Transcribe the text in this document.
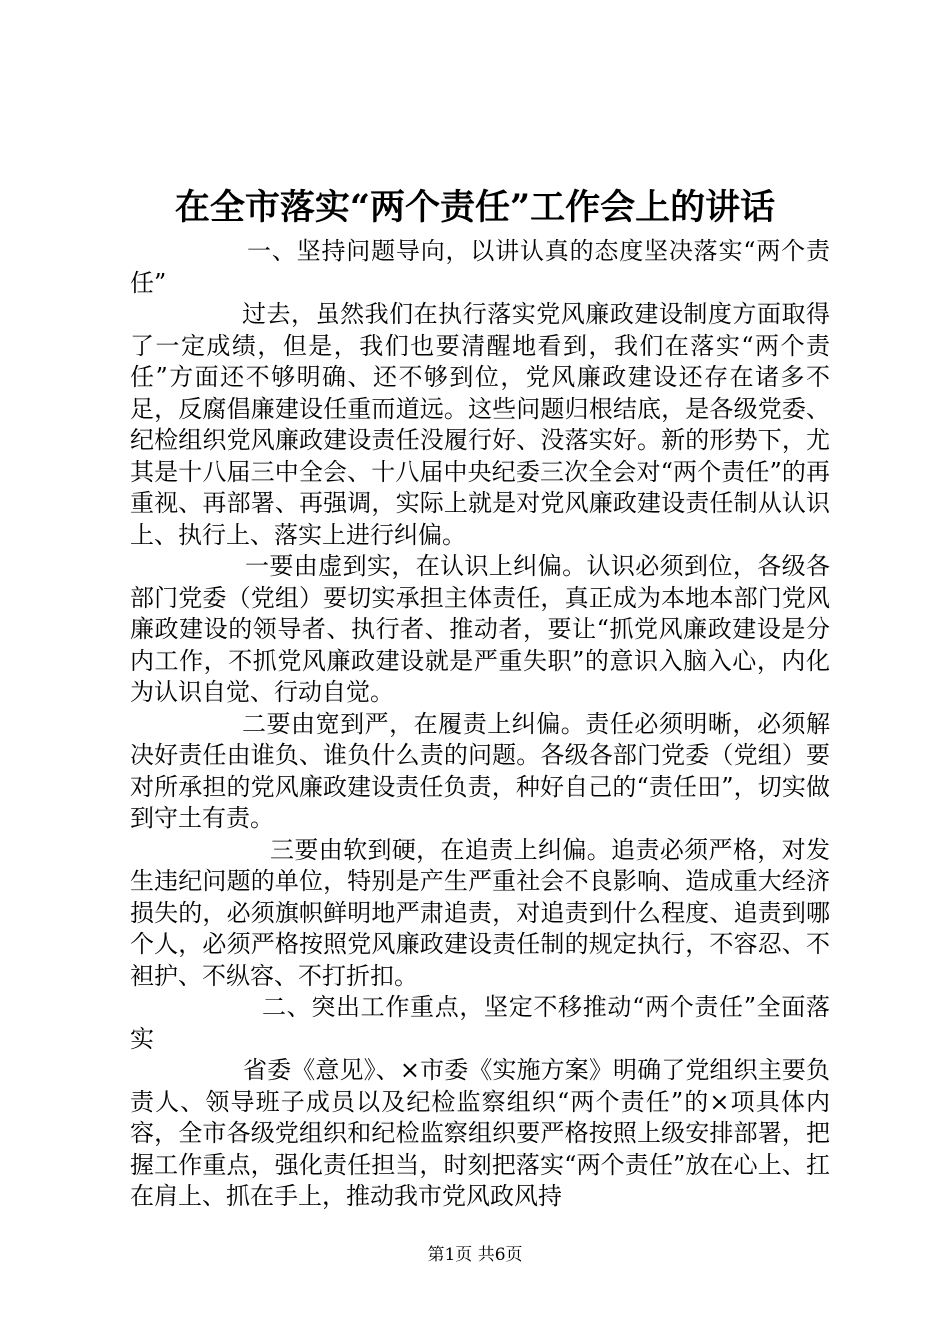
在全市落实“两个责任”工作会上的讲话

一、坚持问题导向，以讲认真的态度坚决落实“两个责任”

过去，虽然我们在执行落实党风廉政建设制度方面取得了一定成绩，但是，我们也要清醒地看到，我们在落实“两个责任”方面还不够明确、还不够到位，党风廉政建设还存在诸多不足，反腐倡廉建设任重而道远。这些问题归根结底，是各级党委、纪检组织党风廉政建设责任没履行好、没落实好。新的形势下，尤其是十八届三中全会、十八届中央纪委三次全会对“两个责任”的再重视、再部署、再强调，实际上就是对党风廉政建设责任制从认识上、执行上、落实上进行纠偏。

一要由虚到实，在认识上纠偏。认识必须到位，各级各部门党委（党组）要切实承担主体责任，真正成为本地本部门党风廉政建设的领导者、执行者、推动者，要让“抓党风廉政建设是分内工作，不抓党风廉政建设就是严重失职”的意识入脑入心，内化为认识自觉、行动自觉。

二要由宽到严，在履责上纠偏。责任必须明晰，必须解决好责任由谁负、谁负什么责的问题。各级各部门党委（党组）要对所承担的党风廉政建设责任负责，种好自己的“责任田”，切实做到守土有责。

三要由软到硬，在追责上纠偏。追责必须严格，对发生违纪问题的单位，特别是产生严重社会不良影响、造成重大经济损失的，必须旗帜鲜明地严肃追责，对追责到什么程度、追责到哪个人，必须严格按照党风廉政建设责任制的规定执行，不容忍、不袒护、不纵容、不打折扣。

二、突出工作重点，坚定不移推动“两个责任”全面落实

省委《意见》、×市委《实施方案》明确了党组织主要负责人、领导班子成员以及纪检监察组织“两个责任”的×项具体内容，全市各级党组织和纪检监察组织要严格按照上级安排部署，把握工作重点，强化责任担当，时刻把落实“两个责任”放在心上、扛在肩上、抓在手上，推动我市党风政风持

第1页 共6页
